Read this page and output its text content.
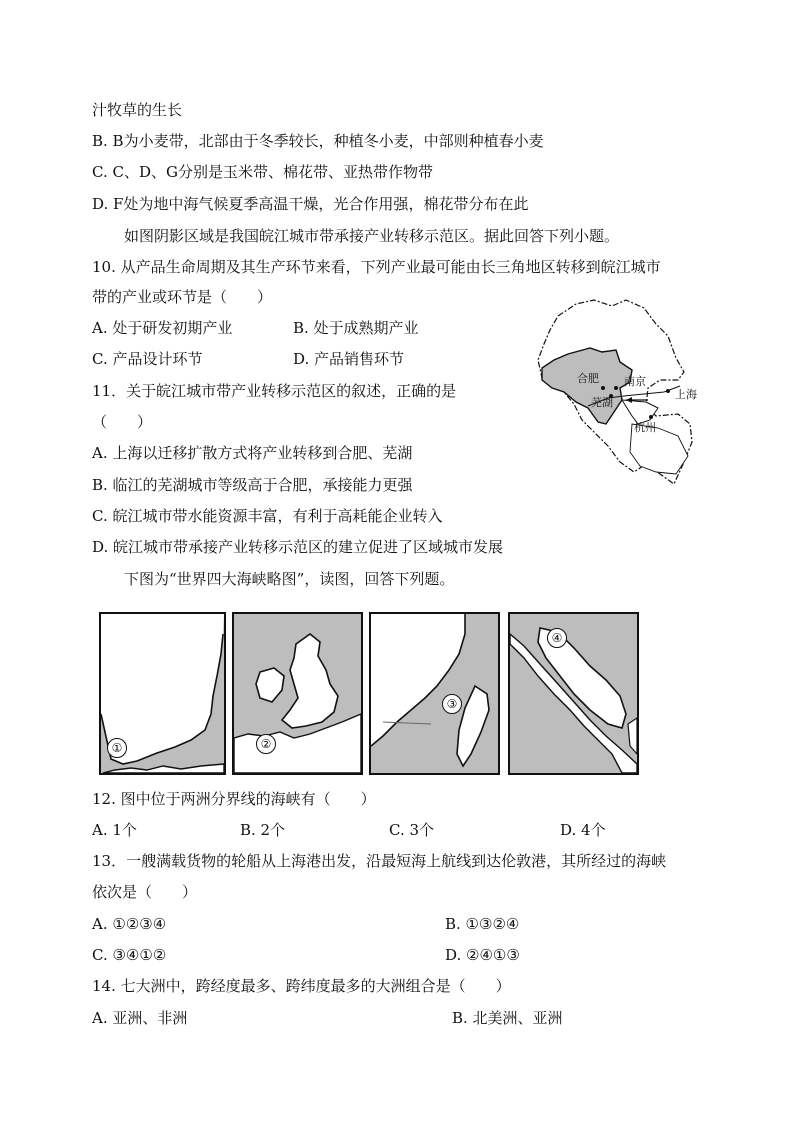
汁牧草的生长
B. B为小麦带，北部由于冬季较长，种植冬小麦，中部则种植春小麦
C. C、D、G分别是玉米带、棉花带、亚热带作物带
D. F处为地中海气候夏季高温干燥，光合作用强，棉花带分布在此
如图阴影区域是我国皖江城市带承接产业转移示范区。据此回答下列小题。
10. 从产品生命周期及其生产环节来看，下列产业最可能由长三角地区转移到皖江城市
带的产业或环节是（　　）
A. 处于研发初期产业	B. 处于成熟期产业
C. 产品设计环节	D. 产品销售环节
11．关于皖江城市带产业转移示范区的叙述，正确的是
（　　）
A. 上海以迁移扩散方式将产业转移到合肥、芜湖
B. 临江的芜湖城市等级高于合肥，承接能力更强
C. 皖江城市带水能资源丰富，有利于高耗能企业转入
D. 皖江城市带承接产业转移示范区的建立促进了区域城市发展
下图为“世界四大海峡略图”，读图，回答下列题。
合肥 南京
芜湖
上海
杭州
①	②
③
④
12. 图中位于两洲分界线的海峡有（　　）
A. 1个	B. 2个	C. 3个	D. 4个
13．一艘满载货物的轮船从上海港出发，沿最短海上航线到达伦敦港，其所经过的海峡
依次是（　　）
A. ①②③④	B. ①③②④
C. ③④①②	D. ②④①③
14. 七大洲中，跨经度最多、跨纬度最多的大洲组合是（　　）
A. 亚洲、非洲	B. 北美洲、亚洲
